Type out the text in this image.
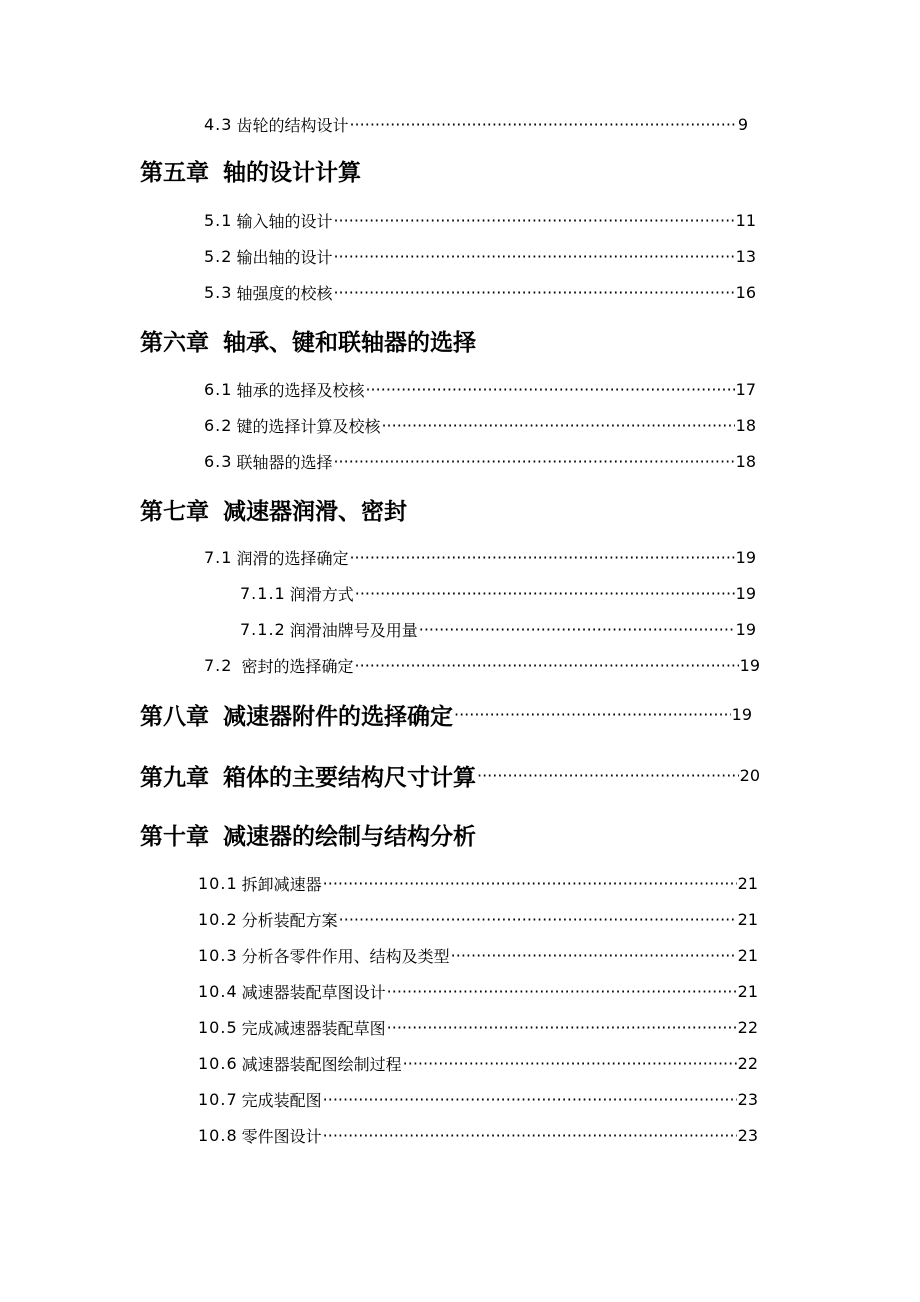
4.3 齿轮的结构设计 ·····	9
第五章 轴的设计计算
5.1 输入轴的设计 ·····	11
5.2 输出轴的设计 ·····	13
5.3 轴强度的校核 ·····	16
第六章 轴承、键和联轴器的选择
6.1 轴承的选择及校核 ·····	17
6.2 键的选择计算及校核 ·····	18
6.3 联轴器的选择 ·····	18
第七章 减速器润滑、密封
7.1 润滑的选择确定 ·····	19
7.1.1 润滑方式 ·····	19
7.1.2 润滑油牌号及用量 ·····	19
7.2 密封的选择确定 ·····	19
第八章 减速器附件的选择确定 ·····	19
第九章 箱体的主要结构尺寸计算 ·····	20
第十章 减速器的绘制与结构分析
10.1 拆卸减速器 ·····	21
10.2 分析装配方案 ·····	21
10.3 分析各零件作用、结构及类型 ·····	21
10.4 减速器装配草图设计 ·····	21
10.5 完成减速器装配草图 ·····	22
10.6 减速器装配图绘制过程 ·····	22
10.7 完成装配图 ·····	23
10.8 零件图设计 ·····	23
